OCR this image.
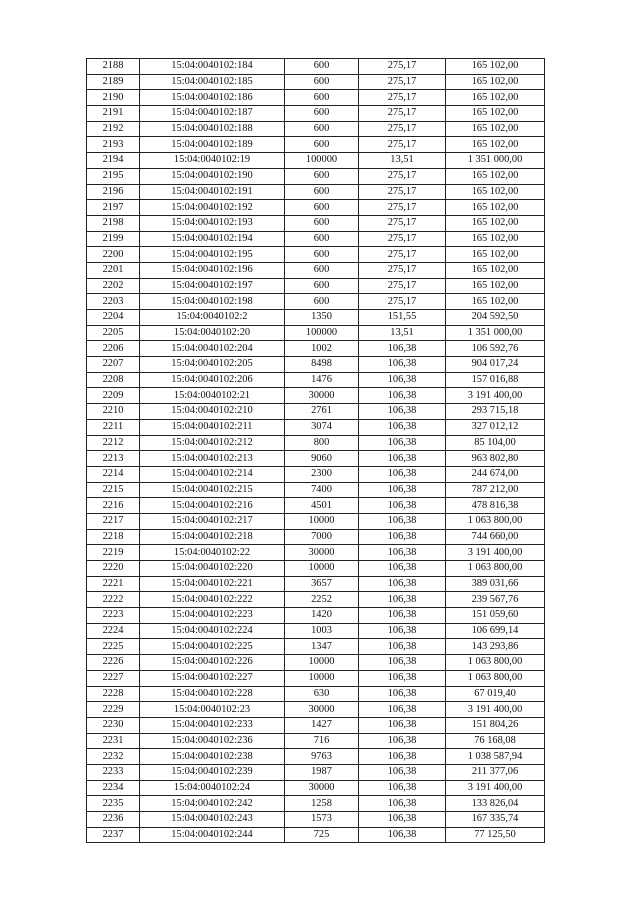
2188	15:04:0040102:184	600	275,17	165 102,00
2189	15:04:0040102:185	600	275,17	165 102,00
2190	15:04:0040102:186	600	275,17	165 102,00
2191	15:04:0040102:187	600	275,17	165 102,00
2192	15:04:0040102:188	600	275,17	165 102,00
2193	15:04:0040102:189	600	275,17	165 102,00
2194	15:04:0040102:19	100000	13,51	1 351 000,00
2195	15:04:0040102:190	600	275,17	165 102,00
2196	15:04:0040102:191	600	275,17	165 102,00
2197	15:04:0040102:192	600	275,17	165 102,00
2198	15:04:0040102:193	600	275,17	165 102,00
2199	15:04:0040102:194	600	275,17	165 102,00
2200	15:04:0040102:195	600	275,17	165 102,00
2201	15:04:0040102:196	600	275,17	165 102,00
2202	15:04:0040102:197	600	275,17	165 102,00
2203	15:04:0040102:198	600	275,17	165 102,00
2204	15:04:0040102:2	1350	151,55	204 592,50
2205	15:04:0040102:20	100000	13,51	1 351 000,00
2206	15:04:0040102:204	1002	106,38	106 592,76
2207	15:04:0040102:205	8498	106,38	904 017,24
2208	15:04:0040102:206	1476	106,38	157 016,88
2209	15:04:0040102:21	30000	106,38	3 191 400,00
2210	15:04:0040102:210	2761	106,38	293 715,18
2211	15:04:0040102:211	3074	106,38	327 012,12
2212	15:04:0040102:212	800	106,38	85 104,00
2213	15:04:0040102:213	9060	106,38	963 802,80
2214	15:04:0040102:214	2300	106,38	244 674,00
2215	15:04:0040102:215	7400	106,38	787 212,00
2216	15:04:0040102:216	4501	106,38	478 816,38
2217	15:04:0040102:217	10000	106,38	1 063 800,00
2218	15:04:0040102:218	7000	106,38	744 660,00
2219	15:04:0040102:22	30000	106,38	3 191 400,00
2220	15:04:0040102:220	10000	106,38	1 063 800,00
2221	15:04:0040102:221	3657	106,38	389 031,66
2222	15:04:0040102:222	2252	106,38	239 567,76
2223	15:04:0040102:223	1420	106,38	151 059,60
2224	15:04:0040102:224	1003	106,38	106 699,14
2225	15:04:0040102:225	1347	106,38	143 293,86
2226	15:04:0040102:226	10000	106,38	1 063 800,00
2227	15:04:0040102:227	10000	106,38	1 063 800,00
2228	15:04:0040102:228	630	106,38	67 019,40
2229	15:04:0040102:23	30000	106,38	3 191 400,00
2230	15:04:0040102:233	1427	106,38	151 804,26
2231	15:04:0040102:236	716	106,38	76 168,08
2232	15:04:0040102:238	9763	106,38	1 038 587,94
2233	15:04:0040102:239	1987	106,38	211 377,06
2234	15:04:0040102:24	30000	106,38	3 191 400,00
2235	15:04:0040102:242	1258	106,38	133 826,04
2236	15:04:0040102:243	1573	106,38	167 335,74
2237	15:04:0040102:244	725	106,38	77 125,50
